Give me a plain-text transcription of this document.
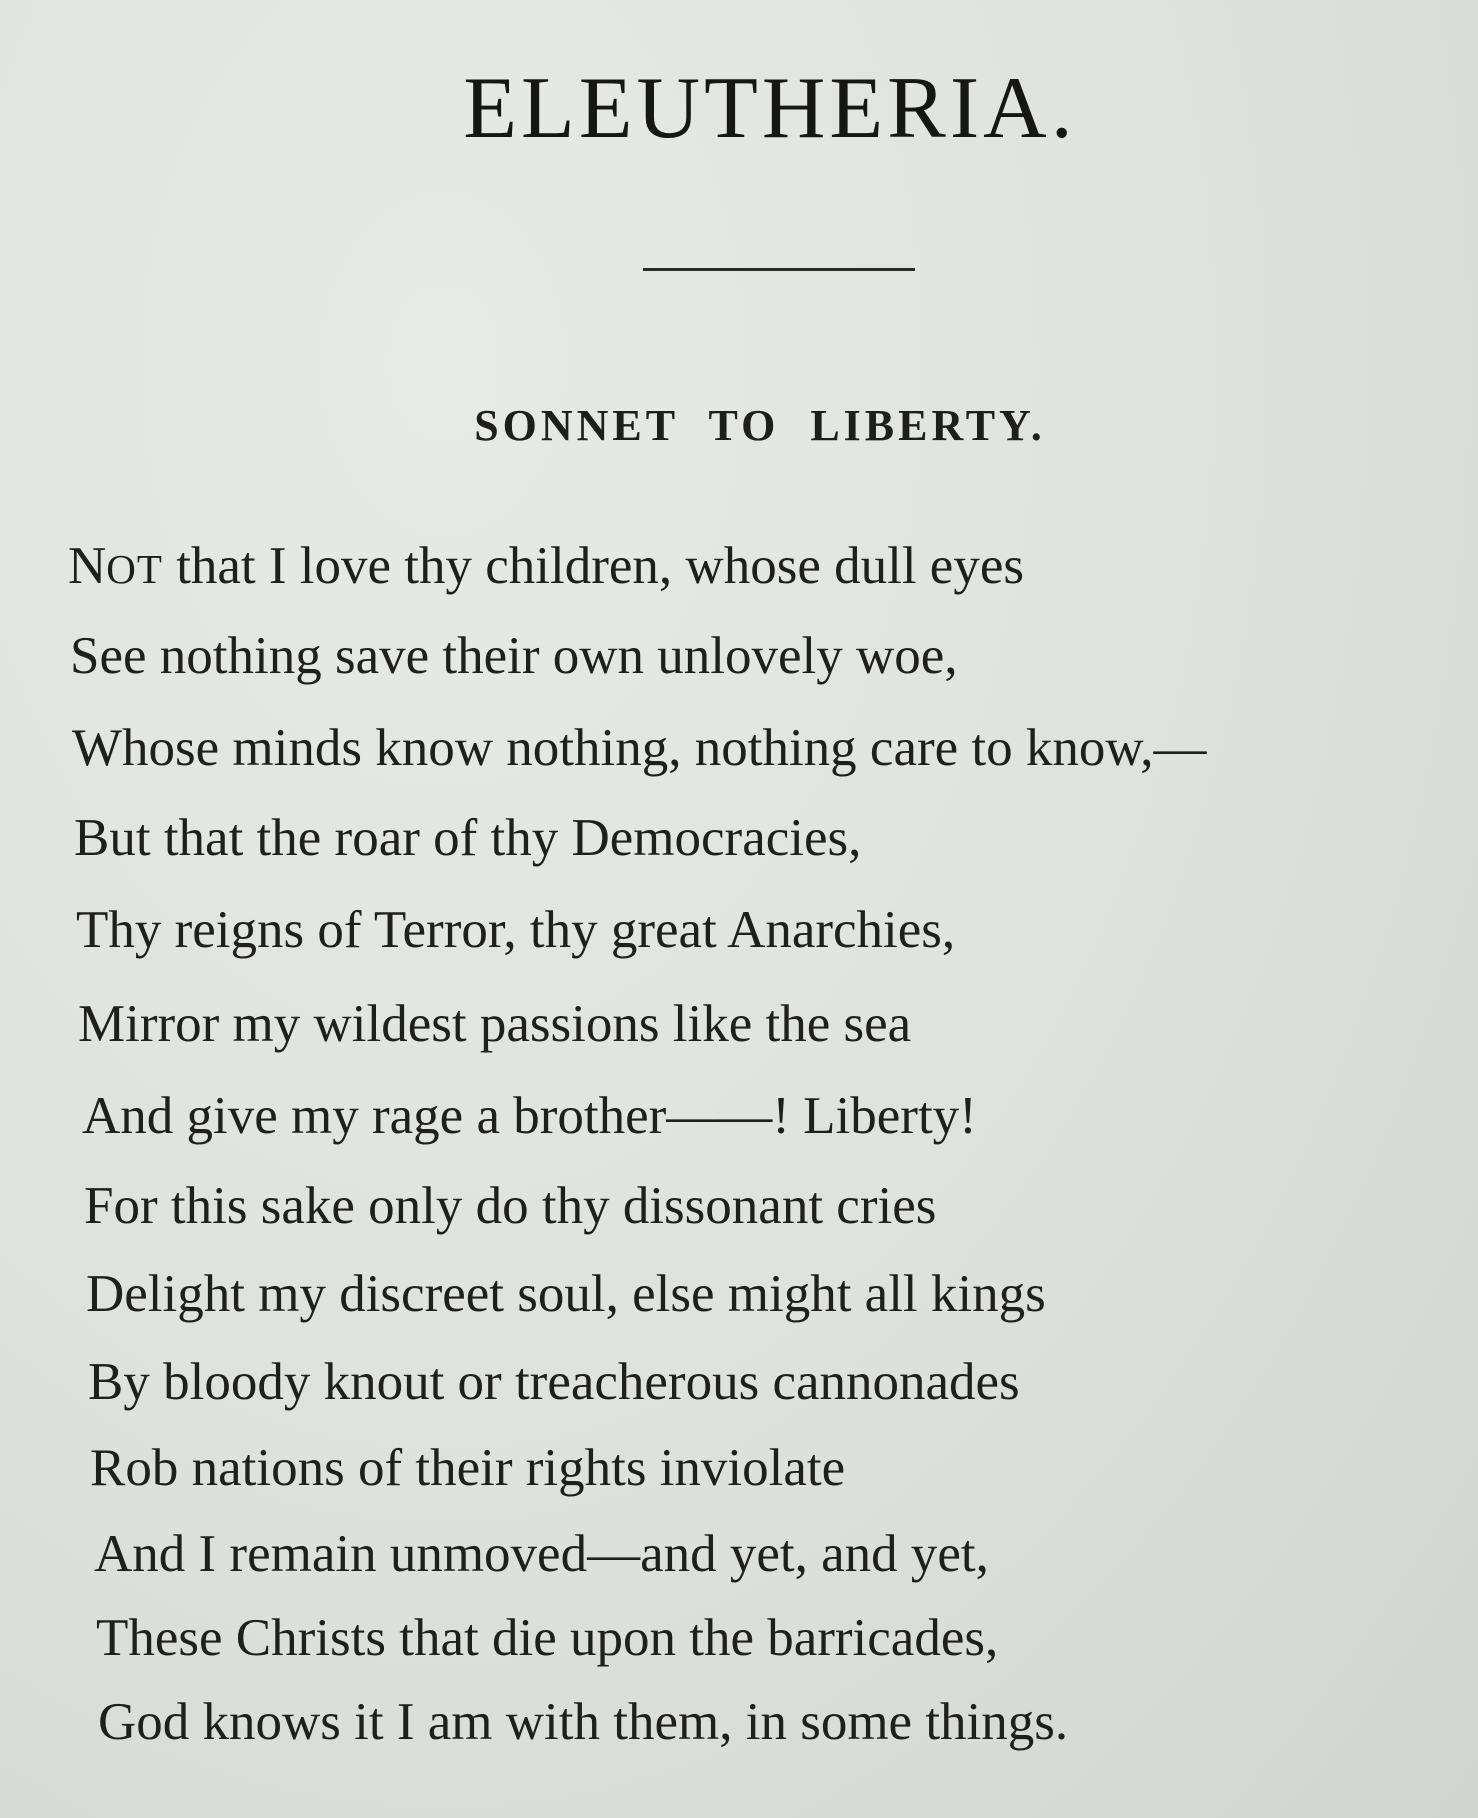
ELEUTHERIA.
SONNET TO LIBERTY.
NOT that I love thy children, whose dull eyes
See nothing save their own unlovely woe,
Whose minds know nothing, nothing care to know,—
But that the roar of thy Democracies,
Thy reigns of Terror, thy great Anarchies,
Mirror my wildest passions like the sea
And give my rage a brother——! Liberty!
For this sake only do thy dissonant cries
Delight my discreet soul, else might all kings
By bloody knout or treacherous cannonades
Rob nations of their rights inviolate
And I remain unmoved—and yet, and yet,
These Christs that die upon the barricades,
God knows it I am with them, in some things.
